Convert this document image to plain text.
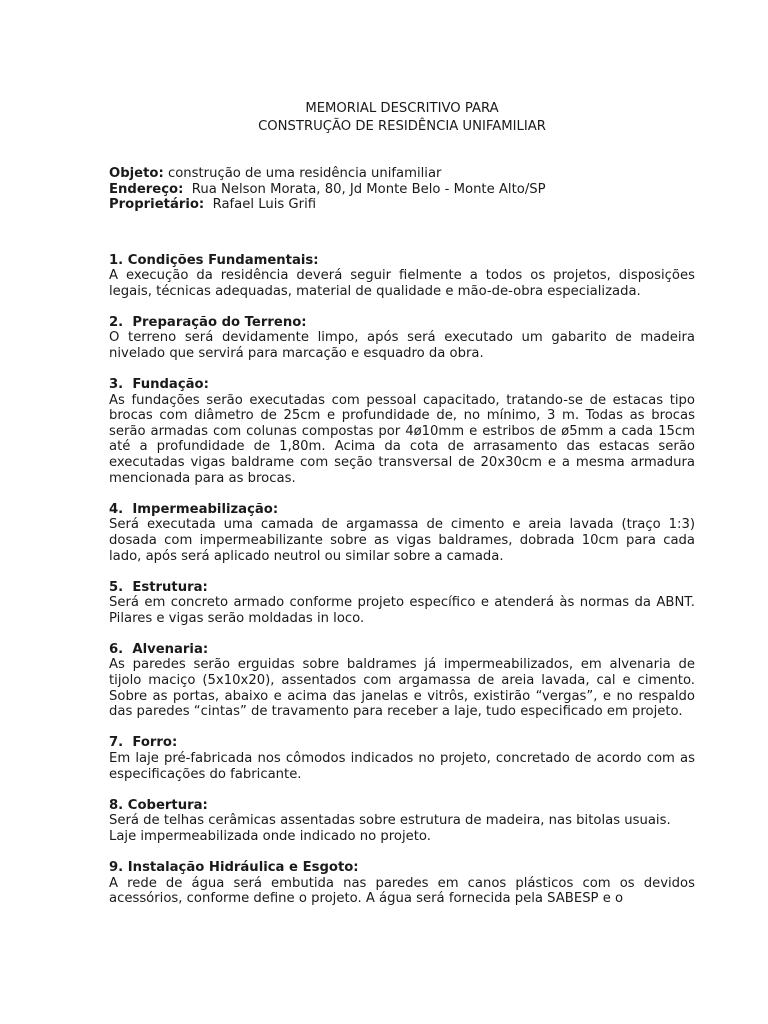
MEMORIAL DESCRITIVO PARA
CONSTRUÇÃO DE RESIDÊNCIA UNIFAMILIAR
Objeto: construção de uma residência unifamiliar
Endereço:  Rua Nelson Morata, 80, Jd Monte Belo - Monte Alto/SP
Proprietário:  Rafael Luis Grifi
1. Condições Fundamentais:
A execução da residência deverá seguir fielmente a todos os projetos, disposições legais, técnicas adequadas, material de qualidade e mão-de-obra especializada.
2.  Preparação do Terreno:
O terreno será devidamente limpo, após será executado um gabarito de madeira nivelado que servirá para marcação e esquadro da obra.
3.  Fundação:
As fundações serão executadas com pessoal capacitado, tratando-se de estacas tipo brocas com diâmetro de 25cm e profundidade de, no mínimo, 3 m. Todas as brocas serão armadas com colunas compostas por 4ø10mm e estribos de ø5mm a cada 15cm até a profundidade de 1,80m. Acima da cota de arrasamento das estacas serão executadas vigas baldrame com seção transversal de 20x30cm e a mesma armadura mencionada para as brocas.
4.  Impermeabilização:
Será executada uma camada de argamassa de cimento e areia lavada (traço 1:3) dosada com impermeabilizante sobre as vigas baldrames, dobrada 10cm para cada lado, após será aplicado neutrol ou similar sobre a camada.
5.  Estrutura:
Será em concreto armado conforme projeto específico e atenderá às normas da ABNT. Pilares e vigas serão moldadas in loco.
6.  Alvenaria:
As paredes serão erguidas sobre baldrames já impermeabilizados, em alvenaria de tijolo maciço (5x10x20), assentados com argamassa de areia lavada, cal e cimento. Sobre as portas, abaixo e acima das janelas e vitrôs, existirão “vergas”, e no respaldo das paredes “cintas” de travamento para receber a laje, tudo especificado em projeto.
7.  Forro:
Em laje pré-fabricada nos cômodos indicados no projeto, concretado de acordo com as especificações do fabricante.
8. Cobertura:
Será de telhas cerâmicas assentadas sobre estrutura de madeira, nas bitolas usuais.
Laje impermeabilizada onde indicado no projeto.
9. Instalação Hidráulica e Esgoto:
A rede de água será embutida nas paredes em canos plásticos com os devidos acessórios, conforme define o projeto. A água será fornecida pela SABESP e o
